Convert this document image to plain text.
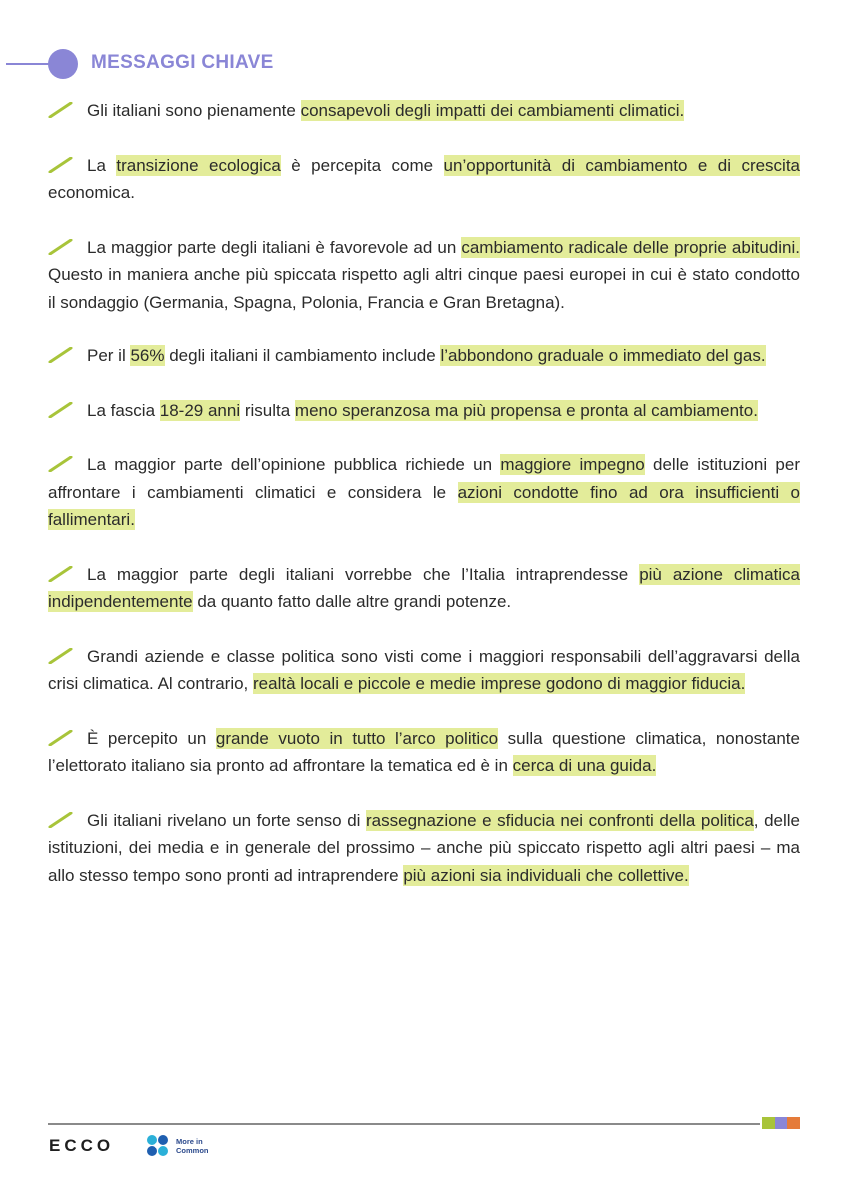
MESSAGGI CHIAVE

Gli italiani sono pienamente consapevoli degli impatti dei cambiamenti climatici.

La transizione ecologica è percepita come un’opportunità di cambiamento e di crescita economica.

La maggior parte degli italiani è favorevole ad un cambiamento radicale delle proprie abitudini. Questo in maniera anche più spiccata rispetto agli altri cinque paesi europei in cui è stato condotto il sondaggio (Germania, Spagna, Polonia, Francia e Gran Bretagna).

Per il 56% degli italiani il cambiamento include l’abbondono graduale o immediato del gas.

La fascia 18-29 anni risulta meno speranzosa ma più propensa e pronta al cambiamento.

La maggior parte dell’opinione pubblica richiede un maggiore impegno delle istituzioni per affrontare i cambiamenti climatici e considera le azioni condotte fino ad ora insufficienti o fallimentari.

La maggior parte degli italiani vorrebbe che l’Italia intraprendesse più azione climatica indipendentemente da quanto fatto dalle altre grandi potenze.

Grandi aziende e classe politica sono visti come i maggiori responsabili dell’aggravarsi della crisi climatica. Al contrario, realtà locali e piccole e medie imprese godono di maggior fiducia.

È percepito un grande vuoto in tutto l’arco politico sulla questione climatica, nonostante l’elettorato italiano sia pronto ad affrontare la tematica ed è in cerca di una guida.

Gli italiani rivelano un forte senso di rassegnazione e sfiducia nei confronti della politica, delle istituzioni, dei media e in generale del prossimo – anche più spiccato rispetto agli altri paesi – ma allo stesso tempo sono pronti ad intraprendere più azioni sia individuali che collettive.

ECCO	More in
Common
